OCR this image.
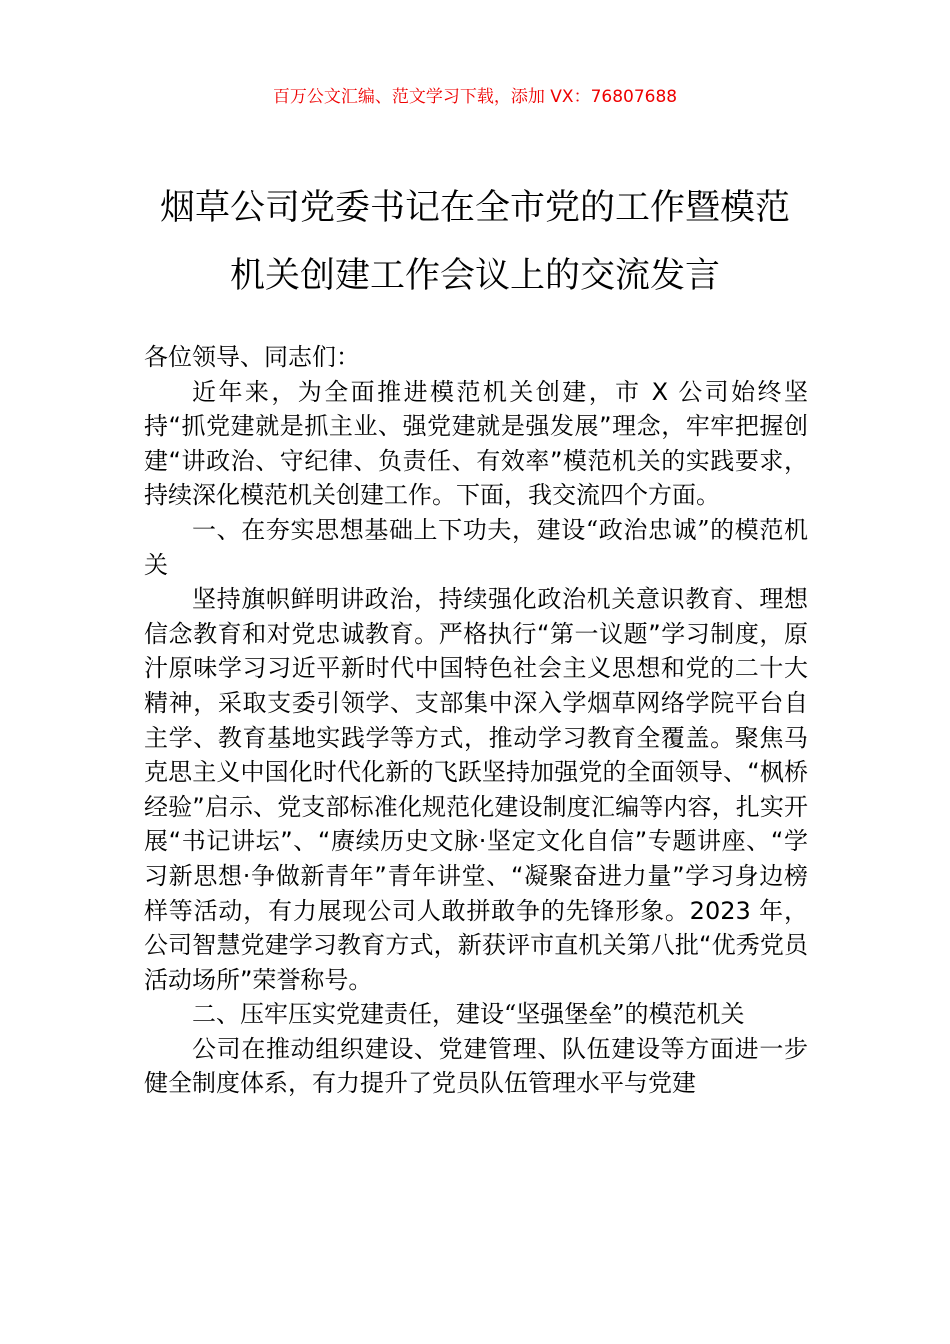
百万公文汇编、范文学习下载，添加 VX：76807688
烟草公司党委书记在全市党的工作暨模范
机关创建工作会议上的交流发言

各位领导、同志们：

近年来，为全面推进模范机关创建，市 X 公司始终坚持“抓党建就是抓主业、强党建就是强发展”理念，牢牢把握创建“讲政治、守纪律、负责任、有效率”模范机关的实践要求，持续深化模范机关创建工作。下面，我交流四个方面。

一、在夯实思想基础上下功夫，建设“政治忠诚”的模范机关

坚持旗帜鲜明讲政治，持续强化政治机关意识教育、理想信念教育和对党忠诚教育。严格执行“第一议题”学习制度，原汁原味学习习近平新时代中国特色社会主义思想和党的二十大精神，采取支委引领学、支部集中深入学烟草网络学院平台自主学、教育基地实践学等方式，推动学习教育全覆盖。聚焦马克思主义中国化时代化新的飞跃坚持加强党的全面领导、“枫桥经验”启示、党支部标准化规范化建设制度汇编等内容，扎实开展“书记讲坛”、“赓续历史文脉·坚定文化自信”专题讲座、“学习新思想·争做新青年”青年讲堂、“凝聚奋进力量”学习身边榜样等活动，有力展现公司人敢拼敢争的先锋形象。2023 年，公司智慧党建学习教育方式，新获评市直机关第八批“优秀党员活动场所”荣誉称号。

二、压牢压实党建责任，建设“坚强堡垒”的模范机关

公司在推动组织建设、党建管理、队伍建设等方面进一步健全制度体系，有力提升了党员队伍管理水平与党建
